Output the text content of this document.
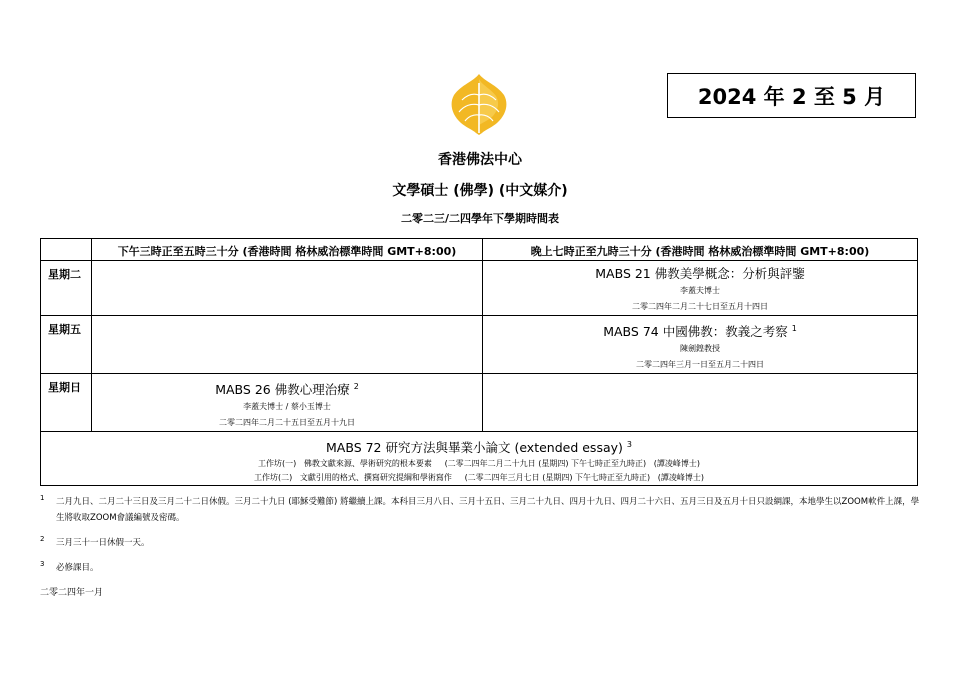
2024 年 2 至 5 月
香港佛法中心
文學碩士 (佛學) (中文媒介)
二零二三/二四學年下學期時間表
	下午三時正至五時三十分 (香港時間 格林威治標準時間 GMT+8:00)	晚上七時正至九時三十分 (香港時間 格林威治標準時間 GMT+8:00)
星期二		MABS 21 佛教美學概念：分析與評鑒
李蓋夫博士
二零二四年二月二十七日至五月十四日

星期五		MABS 74 中國佛教：教義之考察 $^1$
陳劍鍠教授
二零二四年三月一日至五月二十四日

星期日	MABS 26 佛教心理治療 $^2$
李蓋夫博士 / 蔡小玉博士
二零二四年二月二十五日至五月十九日	

MABS 72 研究方法與畢業小論文 (extended essay) $^3$
工作坊(一) 佛教文獻來源、學術研究的根本要素 (二零二四年二月二十九日 (星期四) 下午七時正至九時正) (譚凌峰博士)
工作坊(二) 文獻引用的格式、撰寫研究提綱和學術寫作 (二零二四年三月七日 (星期四) 下午七時正至九時正) (譚凌峰博士)		
1 二月九日、二月二十三日及三月二十二日休假。三月二十九日 (耶穌受難節) 將繼續上課。本科目三月八日、三月十五日、三月二十九日、四月十九日、四月二十六日、五月三日及五月十日只設網課，本地學生以ZOOM軟件上課，學生將收取ZOOM會議編號及密碼。
2 三月三十一日休假一天。
3 必修課目。
二零二四年一月
